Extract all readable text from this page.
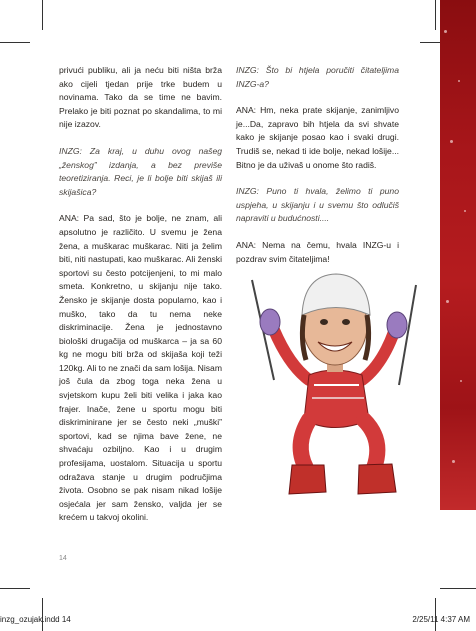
privući publiku, ali ja neću biti ništa brža ako cijeli tjedan prije trke budem u novinama. Tako da se time ne bavim. Prelako je biti poznat po skandalima, to mi nije izazov.

INZG: Za kraj, u duhu ovog našeg „ženskog” izdanja, a bez previše teoretiziranja. Reci, je li bolje biti skijaš ili skijašica?

ANA: Pa sad, što je bolje, ne znam, ali apsolutno je različito. U svemu je žena žena, a muškarac muškarac. Niti ja želim biti, niti nastupati, kao muškarac. Ali ženski sportovi su često potcijenjeni, to mi malo smeta. Konkretno, u skijanju nije tako. Žensko je skijanje dosta popularno, kao i muško, tako da tu nema neke diskriminacije. Žena je jednostavno biološki drugačija od muškarca – ja sa 60 kg ne mogu biti brža od skijaša koji teži 120kg. Ali to ne znači da sam lošija. Nisam još čula da zbog toga neka žena u svjetskom kupu želi biti velika i jaka kao frajer. Inače, žene u sportu mogu biti diskriminirane jer se često neki „muški” sportovi, kad se njima bave žene, ne shvaćaju ozbiljno. Kao i u drugim profesijama, uostalom. Situacija u sportu odražava stanje u drugim područjima života. Osobno se pak nisam nikad lošije osjećala jer sam žensko, valjda jer se krećem u takvoj okolini.

INZG: Što bi htjela poručiti čitateljima INZG-a?

ANA: Hm, neka prate skijanje, zanimljivo je...Da, zapravo bih htjela da svi shvate kako je skijanje posao kao i svaki drugi. Trudiš se, nekad ti ide bolje, nekad lošije... Bitno je da uživaš u onome što radiš.

INZG: Puno ti hvala, želimo ti puno uspjeha, u skijanju i u svemu što odlučiš napraviti u budućnosti....

ANA: Nema na čemu, hvala INZG-u i pozdrav svim čitateljima!

14
inzg_ozujak.indd 14	2/25/11 4:37 AM
